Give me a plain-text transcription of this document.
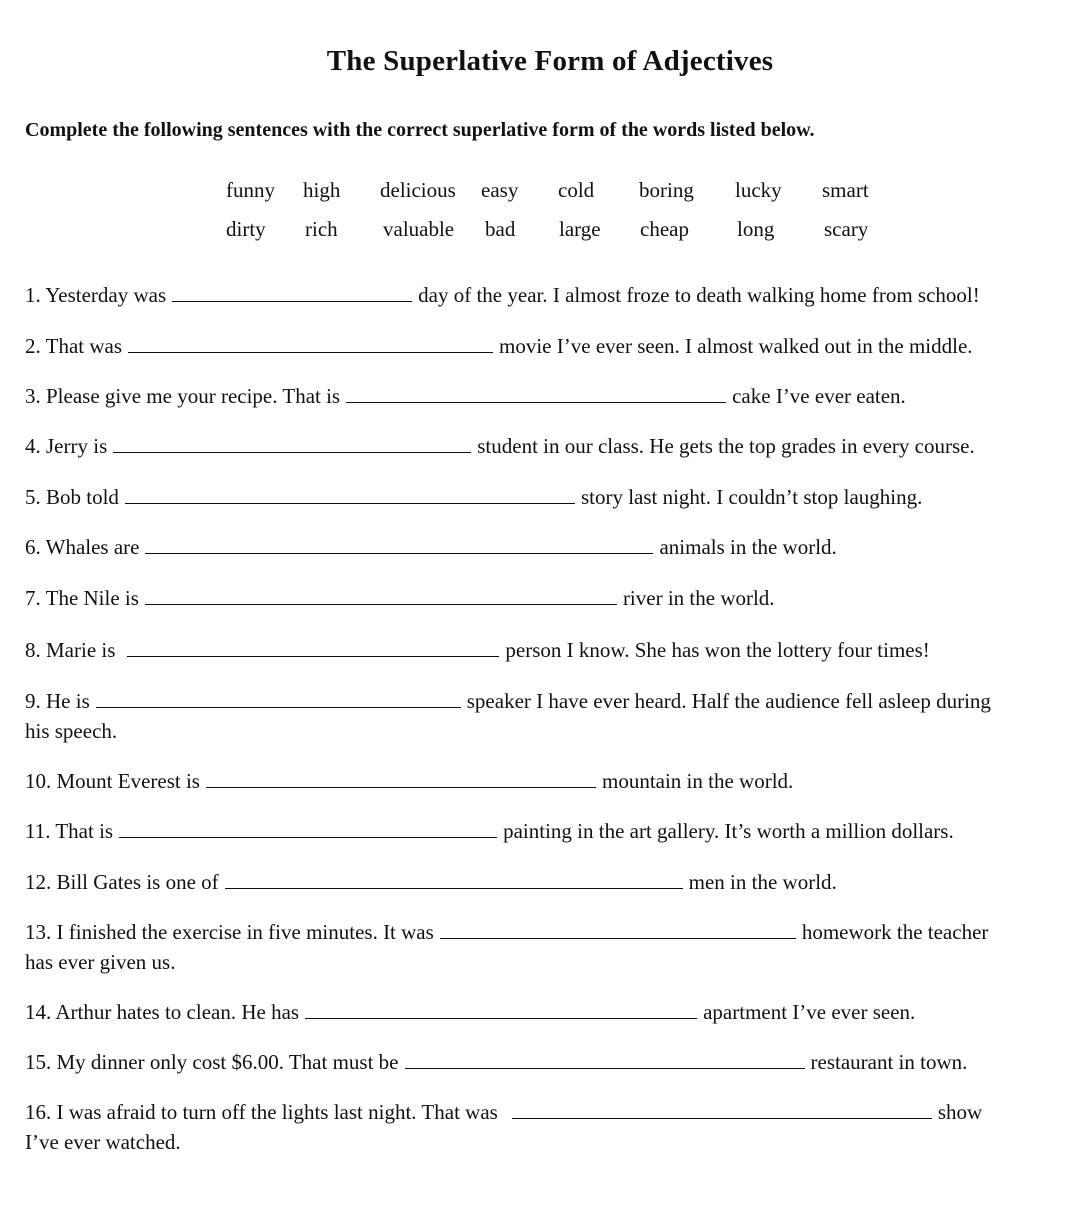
The Superlative Form of Adjectives
Complete the following sentences with the correct superlative form of the words listed below.
funny high delicious easy cold boring lucky smart
dirty rich valuable bad large cheap long scary
1. Yesterday was	day of the year. I almost froze to death walking home from school!
2. That was	movie I’ve ever seen. I almost walked out in the middle.
3. Please give me your recipe. That is	cake I’ve ever eaten.
4. Jerry is	student in our class. He gets the top grades in every course.
5. Bob told	story last night. I couldn’t stop laughing.
6. Whales are	animals in the world.
7. The Nile is	river in the world.
8. Marie is	person I know. She has won the lottery four times!
9. He is	speaker I have ever heard. Half the audience fell asleep during
his speech.
10. Mount Everest is	mountain in the world.
11. That is	painting in the art gallery. It’s worth a million dollars.
12. Bill Gates is one of	men in the world.
13. I finished the exercise in five minutes. It was	homework the teacher
has ever given us.
14. Arthur hates to clean. He has	apartment I’ve ever seen.
15. My dinner only cost $6.00. That must be	restaurant in town.
16. I was afraid to turn off the lights last night. That was	show
I’ve ever watched.
